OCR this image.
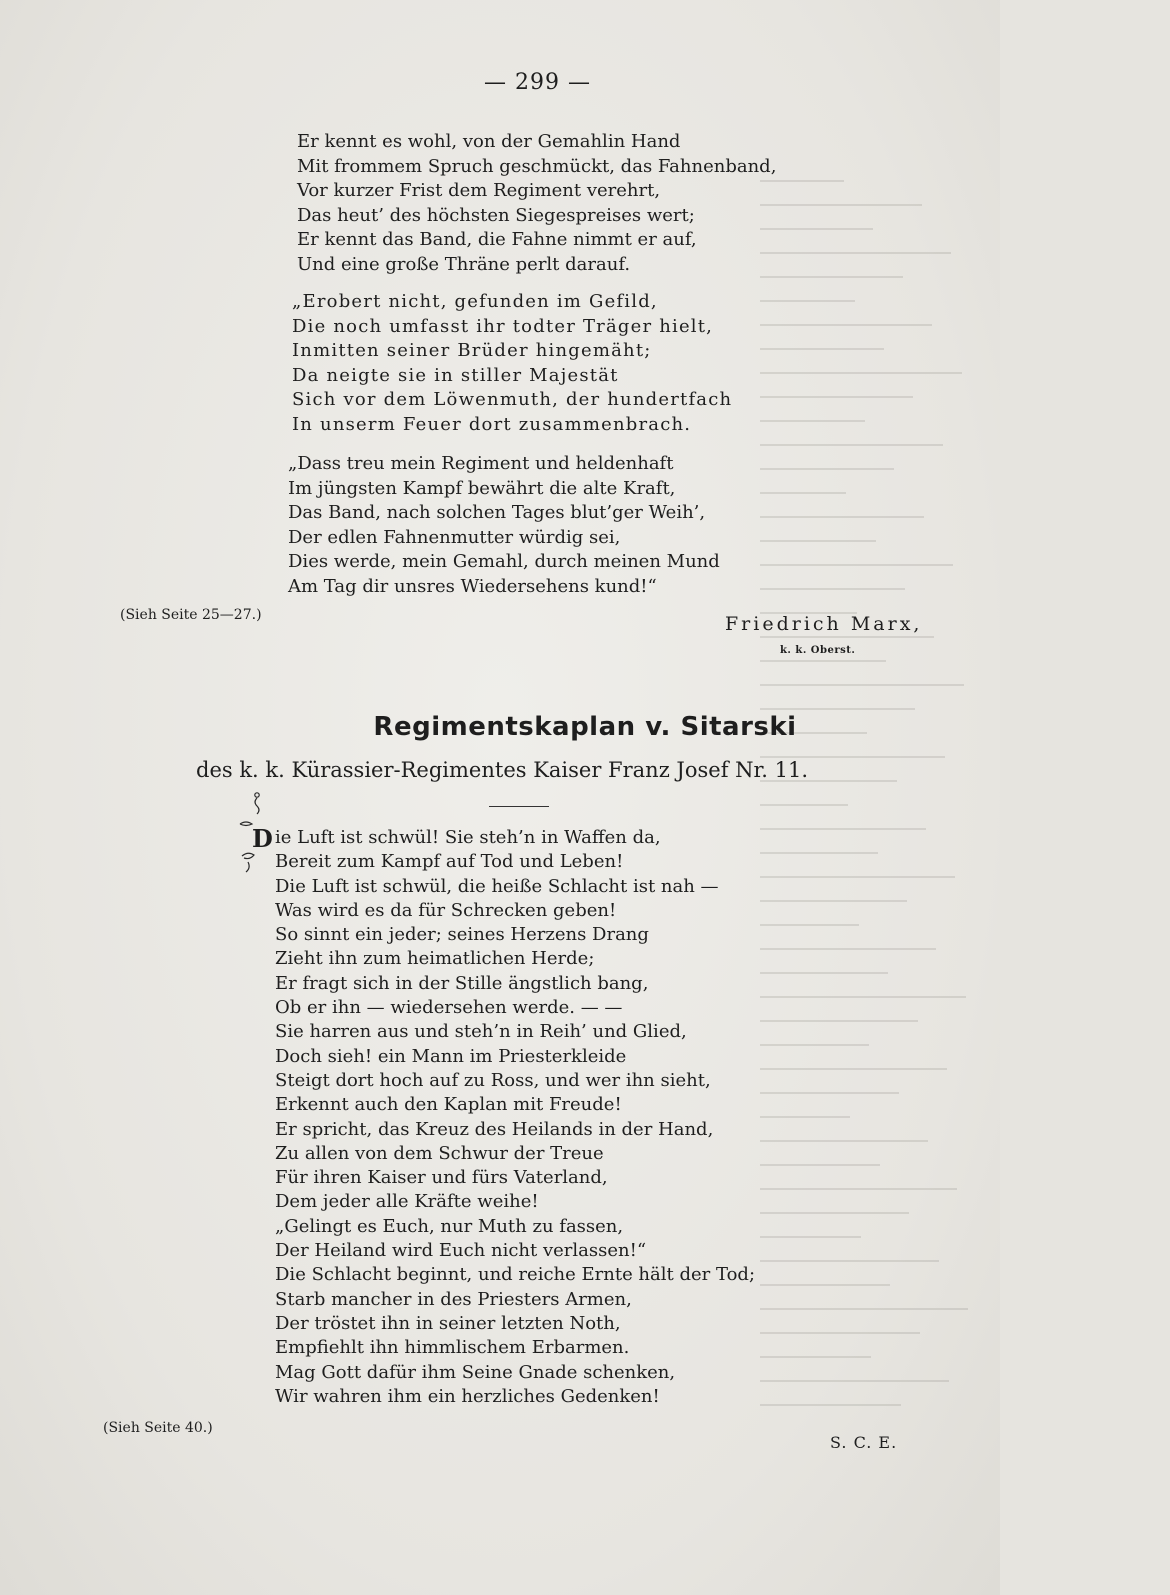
— 299 —
Er kennt es wohl, von der Gemahlin Hand
Mit frommem Spruch geschmückt, das Fahnenband,
Vor kurzer Frist dem Regiment verehrt,
Das heut’ des höchsten Siegespreises wert;
Er kennt das Band, die Fahne nimmt er auf,
Und eine große Thräne perlt darauf.
„Erobert nicht, gefunden im Gefild,
Die noch umfasst ihr todter Träger hielt,
Inmitten seiner Brüder hingemäht;
Da neigte sie in stiller Majestät
Sich vor dem Löwenmuth, der hundertfach
In unserm Feuer dort zusammenbrach.
„Dass treu mein Regiment und heldenhaft
Im jüngsten Kampf bewährt die alte Kraft,
Das Band, nach solchen Tages blut’ger Weih’,
Der edlen Fahnenmutter würdig sei,
Dies werde, mein Gemahl, durch meinen Mund
Am Tag dir unsres Wiedersehens kund!“
(Sieh Seite 25—27.)	Friedrich Marx,
k. k. Oberst.
Regimentskaplan v. Sitarski
des k. k. Kürassier-Regimentes Kaiser Franz Josef Nr. 11.
D ie Luft ist schwül! Sie steh’n in Waffen da,
Bereit zum Kampf auf Tod und Leben!
Die Luft ist schwül, die heiße Schlacht ist nah —
Was wird es da für Schrecken geben!
So sinnt ein jeder; seines Herzens Drang
Zieht ihn zum heimatlichen Herde;
Er fragt sich in der Stille ängstlich bang,
Ob er ihn — wiedersehen werde. — —
Sie harren aus und steh’n in Reih’ und Glied,
Doch sieh! ein Mann im Priesterkleide
Steigt dort hoch auf zu Ross, und wer ihn sieht,
Erkennt auch den Kaplan mit Freude!
Er spricht, das Kreuz des Heilands in der Hand,
Zu allen von dem Schwur der Treue
Für ihren Kaiser und fürs Vaterland,
Dem jeder alle Kräfte weihe!
„Gelingt es Euch, nur Muth zu fassen,
Der Heiland wird Euch nicht verlassen!“
Die Schlacht beginnt, und reiche Ernte hält der Tod;
Starb mancher in des Priesters Armen,
Der tröstet ihn in seiner letzten Noth,
Empfiehlt ihn himmlischem Erbarmen.
Mag Gott dafür ihm Seine Gnade schenken,
Wir wahren ihm ein herzliches Gedenken!
(Sieh Seite 40.)
S. C. E.
